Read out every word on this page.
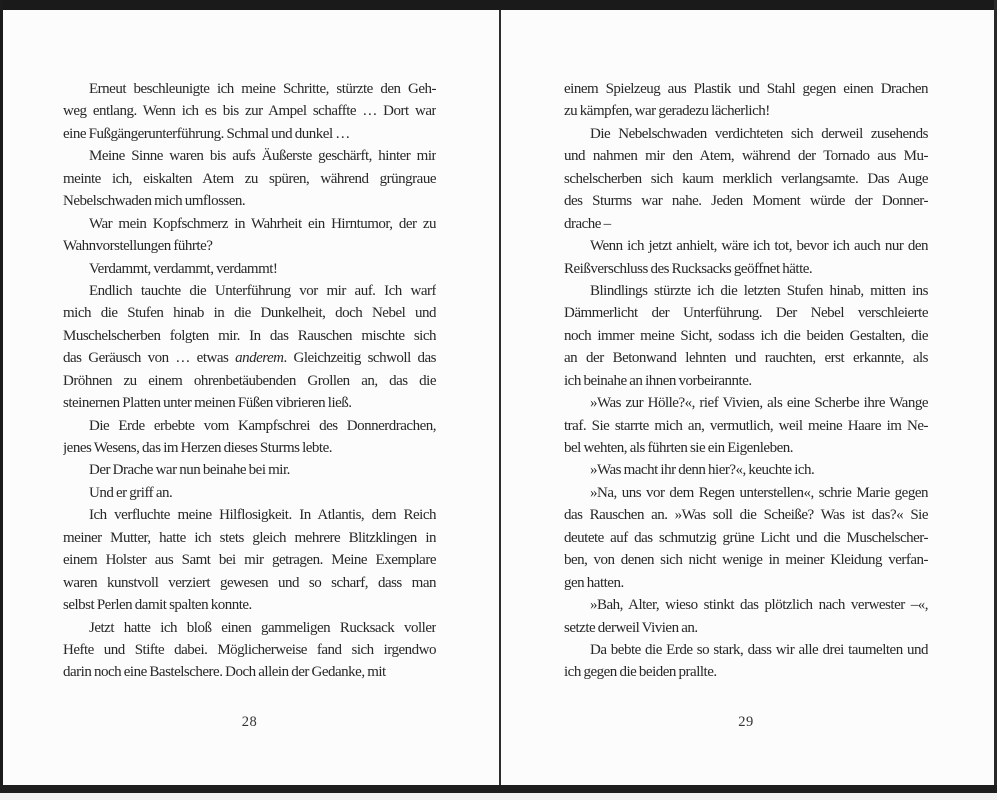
Erneut beschleunigte ich meine Schritte, stürzte den Geh-
weg entlang. Wenn ich es bis zur Ampel schaffte … Dort war
eine Fußgängerunterführung. Schmal und dunkel …
Meine Sinne waren bis aufs Äußerste geschärft, hinter mir
meinte ich, eiskalten Atem zu spüren, während grüngraue
Nebelschwaden mich umflossen.
War mein Kopfschmerz in Wahrheit ein Hirntumor, der zu
Wahnvorstellungen führte?
Verdammt, verdammt, verdammt!
Endlich tauchte die Unterführung vor mir auf. Ich warf
mich die Stufen hinab in die Dunkelheit, doch Nebel und
Muschelscherben folgten mir. In das Rauschen mischte sich
das Geräusch von … etwas anderem. Gleichzeitig schwoll das
Dröhnen zu einem ohrenbetäubenden Grollen an, das die
steinernen Platten unter meinen Füßen vibrieren ließ.
Die Erde erbebte vom Kampfschrei des Donnerdrachen,
jenes Wesens, das im Herzen dieses Sturms lebte.
Der Drache war nun beinahe bei mir.
Und er griff an.
Ich verfluchte meine Hilflosigkeit. In Atlantis, dem Reich
meiner Mutter, hatte ich stets gleich mehrere Blitzklingen in
einem Holster aus Samt bei mir getragen. Meine Exemplare
waren kunstvoll verziert gewesen und so scharf, dass man
selbst Perlen damit spalten konnte.
Jetzt hatte ich bloß einen gammeligen Rucksack voller
Hefte und Stifte dabei. Möglicherweise fand sich irgendwo
darin noch eine Bastelschere. Doch allein der Gedanke, mit
28
einem Spielzeug aus Plastik und Stahl gegen einen Drachen
zu kämpfen, war geradezu lächerlich!
Die Nebelschwaden verdichteten sich derweil zusehends
und nahmen mir den Atem, während der Tornado aus Mu-
schelscherben sich kaum merklich verlangsamte. Das Auge
des Sturms war nahe. Jeden Moment würde der Donner-
drache –
Wenn ich jetzt anhielt, wäre ich tot, bevor ich auch nur den
Reißverschluss des Rucksacks geöffnet hätte.
Blindlings stürzte ich die letzten Stufen hinab, mitten ins
Dämmerlicht der Unterführung. Der Nebel verschleierte
noch immer meine Sicht, sodass ich die beiden Gestalten, die
an der Betonwand lehnten und rauchten, erst erkannte, als
ich beinahe an ihnen vorbeirannte.
»Was zur Hölle?«, rief Vivien, als eine Scherbe ihre Wange
traf. Sie starrte mich an, vermutlich, weil meine Haare im Ne-
bel wehten, als führten sie ein Eigenleben.
»Was macht ihr denn hier?«, keuchte ich.
»Na, uns vor dem Regen unterstellen«, schrie Marie gegen
das Rauschen an. »Was soll die Scheiße? Was ist das?« Sie
deutete auf das schmutzig grüne Licht und die Muschelscher-
ben, von denen sich nicht wenige in meiner Kleidung verfan-
gen hatten.
»Bah, Alter, wieso stinkt das plötzlich nach verwester –«,
setzte derweil Vivien an.
Da bebte die Erde so stark, dass wir alle drei taumelten und
ich gegen die beiden prallte.
29
